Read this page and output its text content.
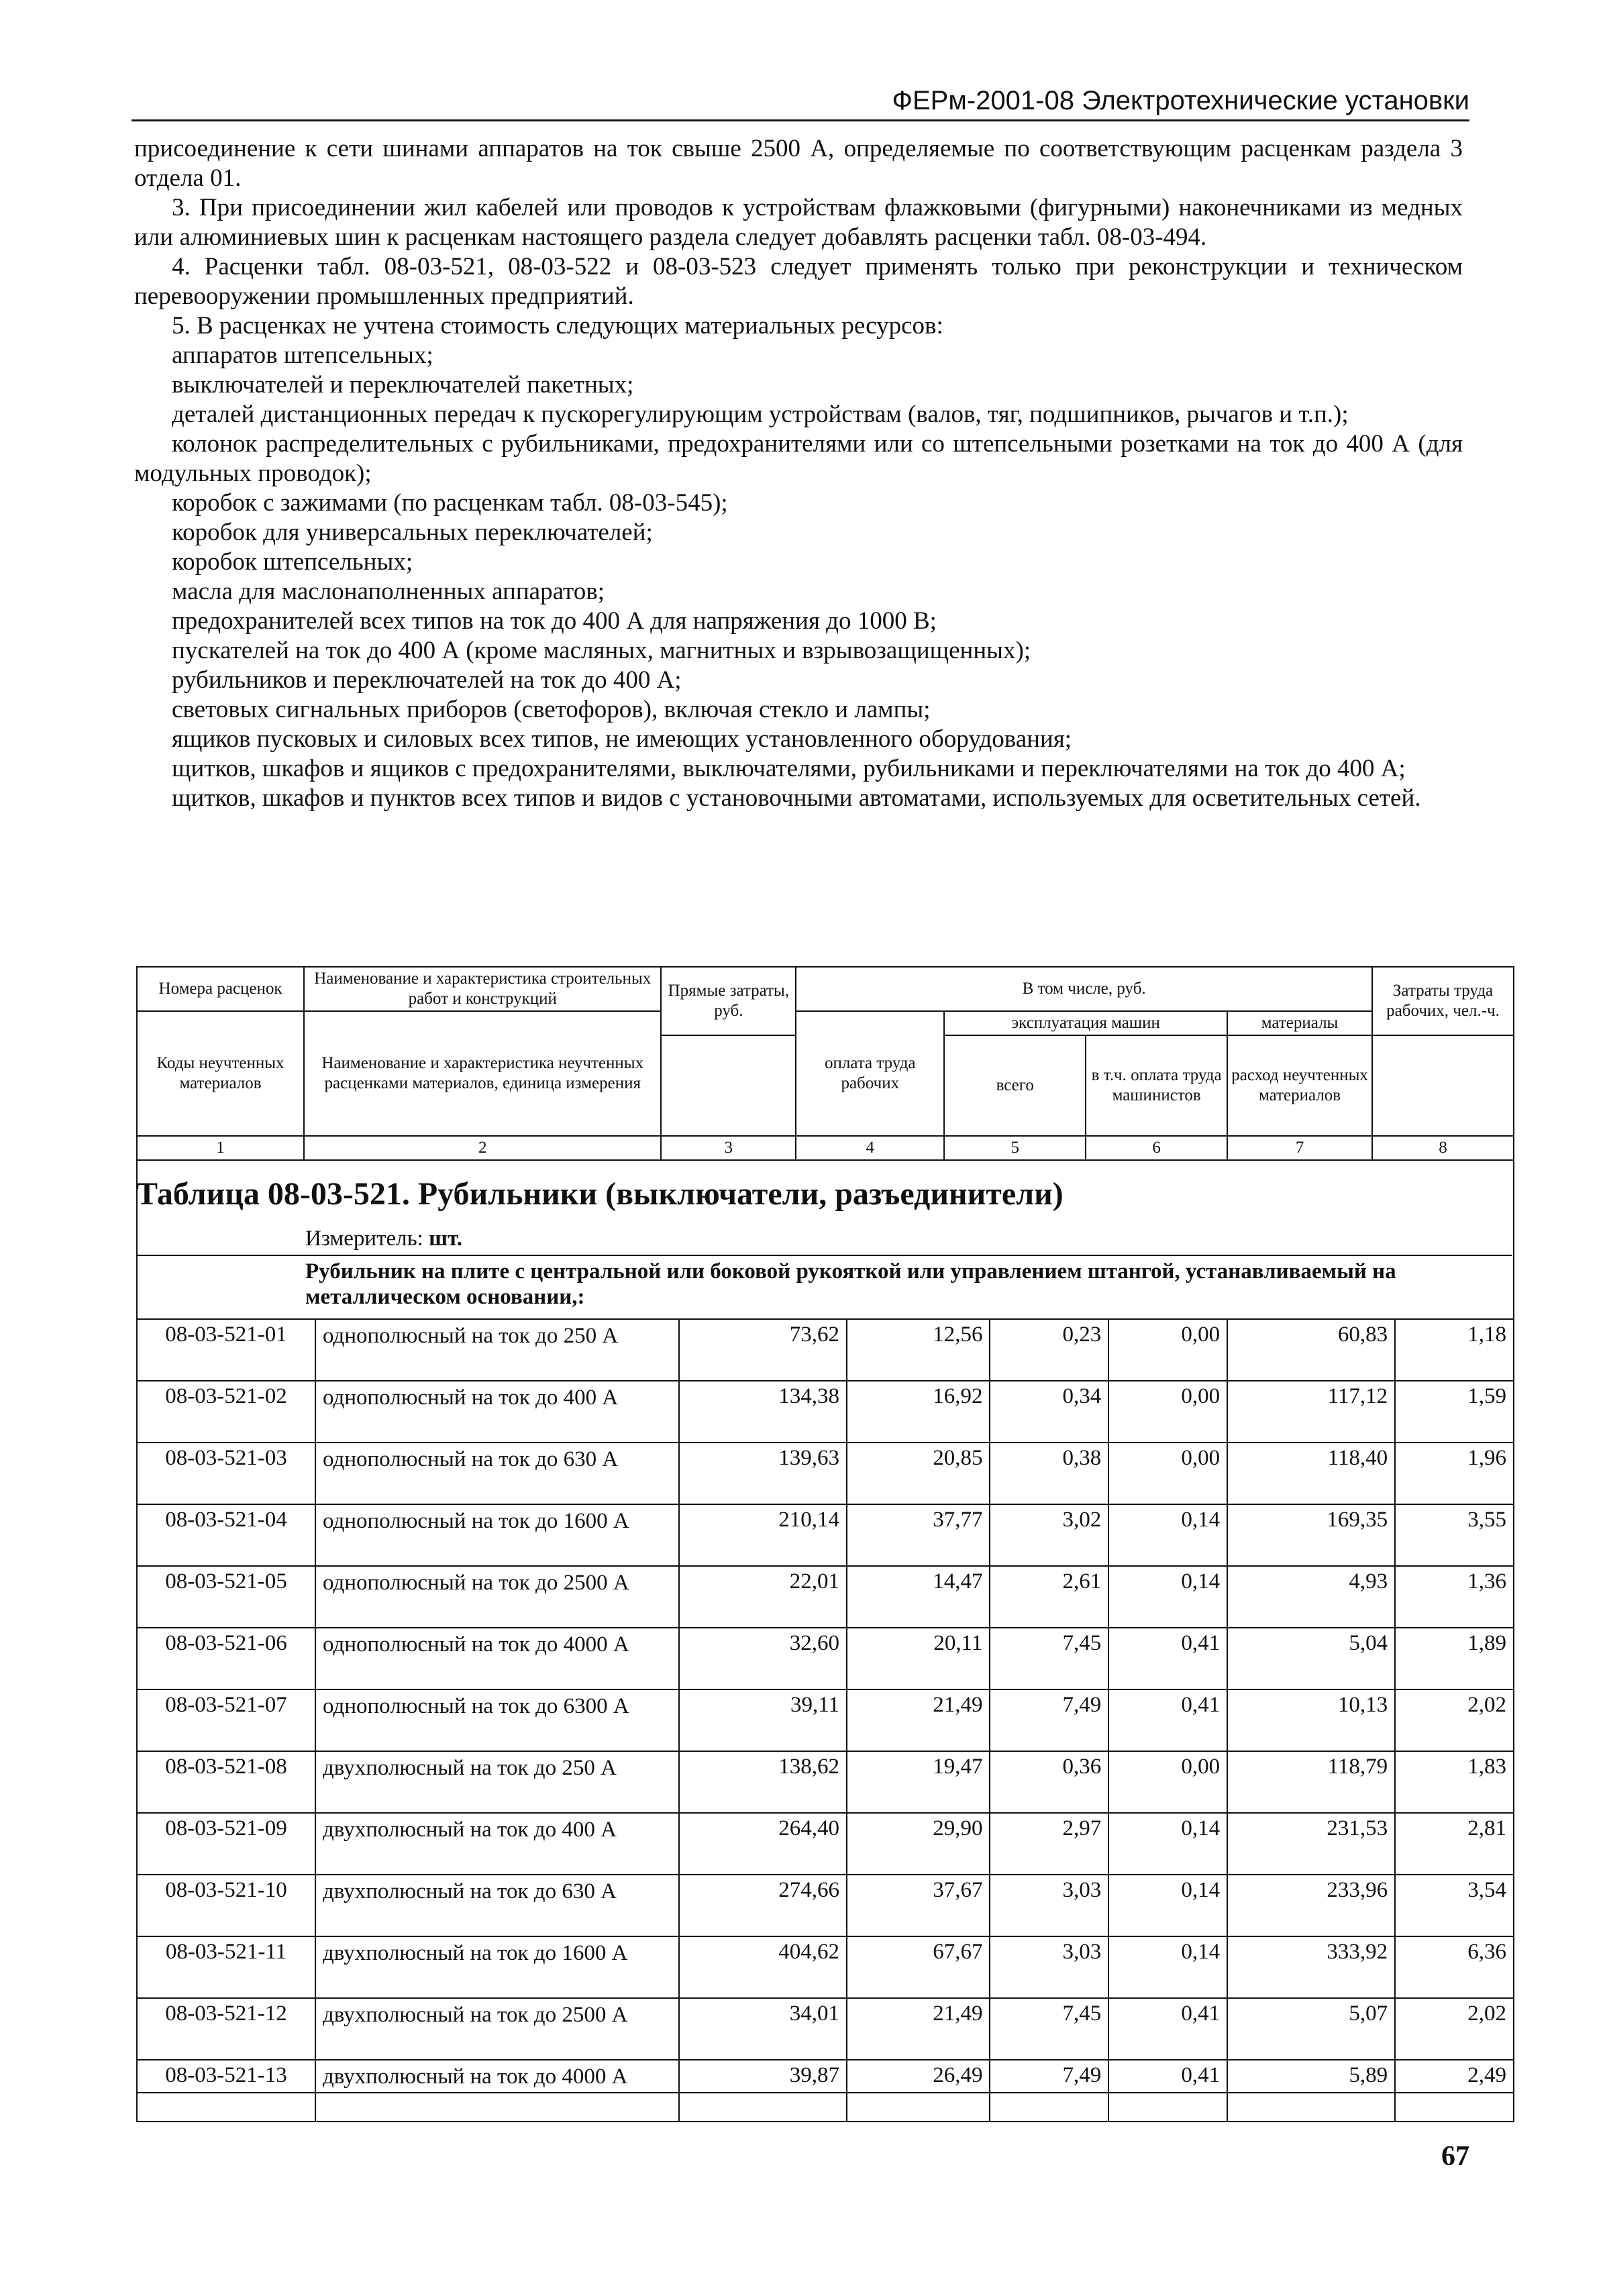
ФЕРм-2001-08 Электротехнические установки

присоединение к сети шинами аппаратов на ток свыше 2500 А, определяемые по соответствующим расценкам раздела 3 отдела 01.

3. При присоединении жил кабелей или проводов к устройствам флажковыми (фигурными) наконечниками из медных или алюминиевых шин к расценкам настоящего раздела следует добавлять расценки табл. 08-03-494.

4. Расценки табл. 08-03-521, 08-03-522 и 08-03-523 следует применять только при реконструкции и техническом перевооружении промышленных предприятий.

5. В расценках не учтена стоимость следующих материальных ресурсов:

аппаратов штепсельных;

выключателей и переключателей пакетных;

деталей дистанционных передач к пускорегулирующим устройствам (валов, тяг, подшипников, рычагов и т.п.);

колонок распределительных с рубильниками, предохранителями или со штепсельными розетками на ток до 400 А (для модульных проводок);

коробок с зажимами (по расценкам табл. 08-03-545);

коробок для универсальных переключателей;

коробок штепсельных;

масла для маслонаполненных аппаратов;

предохранителей всех типов на ток до 400 А для напряжения до 1000 В;

пускателей на ток до 400 А (кроме масляных, магнитных и взрывозащищенных);

рубильников и переключателей на ток до 400 А;

световых сигнальных приборов (светофоров), включая стекло и лампы;

ящиков пусковых и силовых всех типов, не имеющих установленного оборудования;

щитков, шкафов и ящиков с предохранителями, выключателями, рубильниками и переключателями на ток до 400 А;

щитков, шкафов и пунктов всех типов и видов с установочными автоматами, используемых для осветительных сетей.

Номера расценок	Наименование и характеристика строительных работ и конструкций	Прямые затраты, руб.	В том числе, руб.				Затраты труда рабочих, чел.-ч.
Коды неучтенных материалов	Наименование и характеристика неучтенных расценками материалов, единица измерения		оплата труда рабочих	эксплуатация машин		материалы	
				всего	в т.ч. оплата труда машинистов	расход неучтенных материалов	
1	2	3	4	5	6	7	8
Таблица 08-03-521. Рубильники (выключатели, разъединители)
Измеритель: шт.
Рубильник на плите с центральной или боковой рукояткой или управлением штангой, устанавливаемый на металлическом основании,:
08-03-521-01	однополюсный на ток до 250 А	73,62	12,56	0,23	0,00	60,83	1,18
08-03-521-02	однополюсный на ток до 400 А	134,38	16,92	0,34	0,00	117,12	1,59
08-03-521-03	однополюсный на ток до 630 А	139,63	20,85	0,38	0,00	118,40	1,96
08-03-521-04	однополюсный на ток до 1600 А	210,14	37,77	3,02	0,14	169,35	3,55
08-03-521-05	однополюсный на ток до 2500 А	22,01	14,47	2,61	0,14	4,93	1,36
08-03-521-06	однополюсный на ток до 4000 А	32,60	20,11	7,45	0,41	5,04	1,89
08-03-521-07	однополюсный на ток до 6300 А	39,11	21,49	7,49	0,41	10,13	2,02
08-03-521-08	двухполюсный на ток до 250 А	138,62	19,47	0,36	0,00	118,79	1,83
08-03-521-09	двухполюсный на ток до 400 А	264,40	29,90	2,97	0,14	231,53	2,81
08-03-521-10	двухполюсный на ток до 630 А	274,66	37,67	3,03	0,14	233,96	3,54
08-03-521-11	двухполюсный на ток до 1600 А	404,62	67,67	3,03	0,14	333,92	6,36
08-03-521-12	двухполюсный на ток до 2500 А	34,01	21,49	7,45	0,41	5,07	2,02
08-03-521-13	двухполюсный на ток до 4000 А	39,87	26,49	7,49	0,41	5,89	2,49
67
